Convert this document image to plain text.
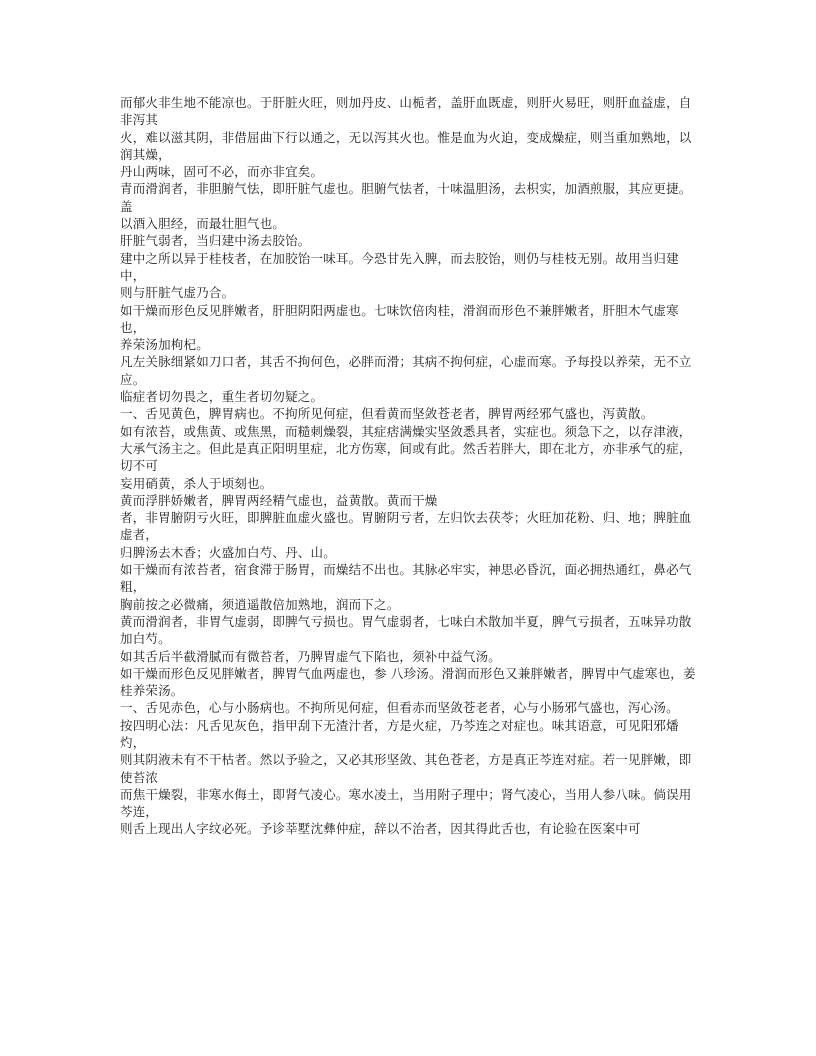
而郁火非生地不能凉也。于肝脏火旺，则加丹皮、山栀者，盖肝血既虚，则肝火易旺，则肝血益虚，自非泻其

火，难以滋其阴，非借屈曲下行以通之，无以泻其火也。惟是血为火迫，变成燥症，则当重加熟地，以润其燥，

丹山两味，固可不必，而亦非宜矣。

青而滑润者，非胆腑气怯，即肝脏气虚也。胆腑气怯者，十味温胆汤，去枳实，加酒煎服，其应更捷。盖

以酒入胆经，而最壮胆气也。

肝脏气弱者，当归建中汤去胶饴。

建中之所以异于桂枝者，在加胶饴一味耳。今恐甘先入脾，而去胶饴，则仍与桂枝无别。故用当归建中，

则与肝脏气虚乃合。

如干燥而形色反见胖嫩者，肝胆阴阳两虚也。七味饮倍肉桂，滑润而形色不兼胖嫩者，肝胆木气虚寒也，

养荣汤加枸杞。

凡左关脉细紧如刀口者，其舌不拘何色，必胖而滑；其病不拘何症，心虚而寒。予每投以养荣，无不立应。

临症者切勿畏之，重生者切勿疑之。

一、舌见黄色，脾胃病也。不拘所见何症，但看黄而坚敛苍老者，脾胃两经邪气盛也，泻黄散。

如有浓苔，或焦黄、或焦黑，而糙刺燥裂，其症痞满燥实坚敛悉具者，实症也。须急下之，以存津液，

大承气汤主之。但此是真正阳明里症，北方伤寒，间或有此。然舌若胖大，即在北方，亦非承气的症，切不可

妄用硝黄，杀人于顷刻也。

黄而浮胖娇嫩者，脾胃两经精气虚也，益黄散。黄而干燥

者，非胃腑阴亏火旺，即脾脏血虚火盛也。胃腑阴亏者，左归饮去茯苓；火旺加花粉、归、地；脾脏血虚者，

归脾汤去木香；火盛加白芍、丹、山。

如干燥而有浓苔者，宿食滞于肠胃，而燥结不出也。其脉必牢实，神思必昏沉，面必拥热通红，鼻必气粗，

胸前按之必微痛，须逍遥散倍加熟地，润而下之。

黄而滑润者，非胃气虚弱，即脾气亏损也。胃气虚弱者，七味白术散加半夏，脾气亏损者，五味异功散

加白芍。

如其舌后半截滑腻而有微苔者，乃脾胃虚气下陷也，须补中益气汤。

如干燥而形色反见胖嫩者，脾胃气血两虚也，参 八珍汤。滑润而形色又兼胖嫩者，脾胃中气虚寒也，姜

桂养荣汤。

一、舌见赤色，心与小肠病也。不拘所见何症，但看赤而坚敛苍老者，心与小肠邪气盛也，泻心汤。

按四明心法：凡舌见灰色，指甲刮下无渣汁者，方是火症，乃芩连之对症也。味其语意，可见阳邪燔灼，

则其阴液未有不干枯者。然以予验之，又必其形坚敛、其色苍老，方是真正芩连对症。若一见胖嫩，即使苔浓

而焦干燥裂，非寒水侮土，即肾气凌心。寒水凌土，当用附子理中；肾气凌心，当用人参八味。倘误用芩连，

则舌上现出人字纹必死。予诊莘墅沈彝仲症，辞以不治者，因其得此舌也，有论验在医案中可
